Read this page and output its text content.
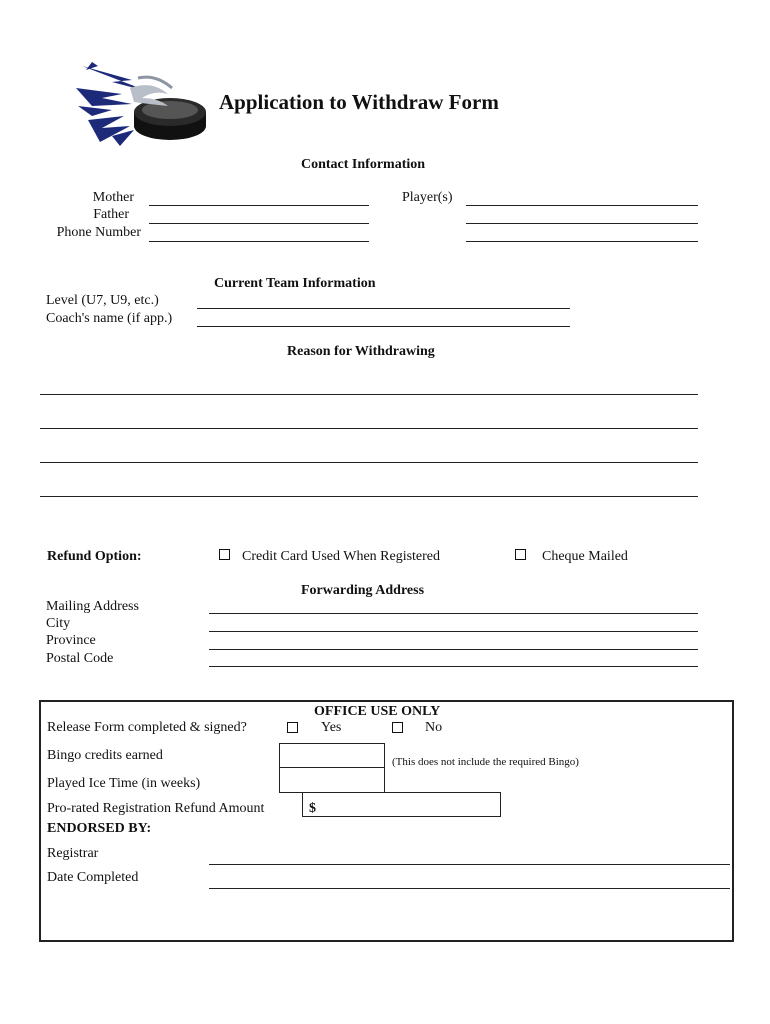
Application to Withdraw Form
Contact Information
Mother
Father
Phone Number
Player(s)
Current Team Information
Level (U7, U9, etc.)
Coach's name (if app.)
Reason for Withdrawing
Refund Option:	Credit Card Used When Registered	Cheque Mailed
Forwarding Address
Mailing Address
City
Province
Postal Code
OFFICE USE ONLY
Release Form completed & signed?	Yes	No
Bingo credits earned	(This does not include the required Bingo)
Played Ice Time (in weeks)
Pro-rated Registration Refund Amount	$
ENDORSED BY:
Registrar
Date Completed
